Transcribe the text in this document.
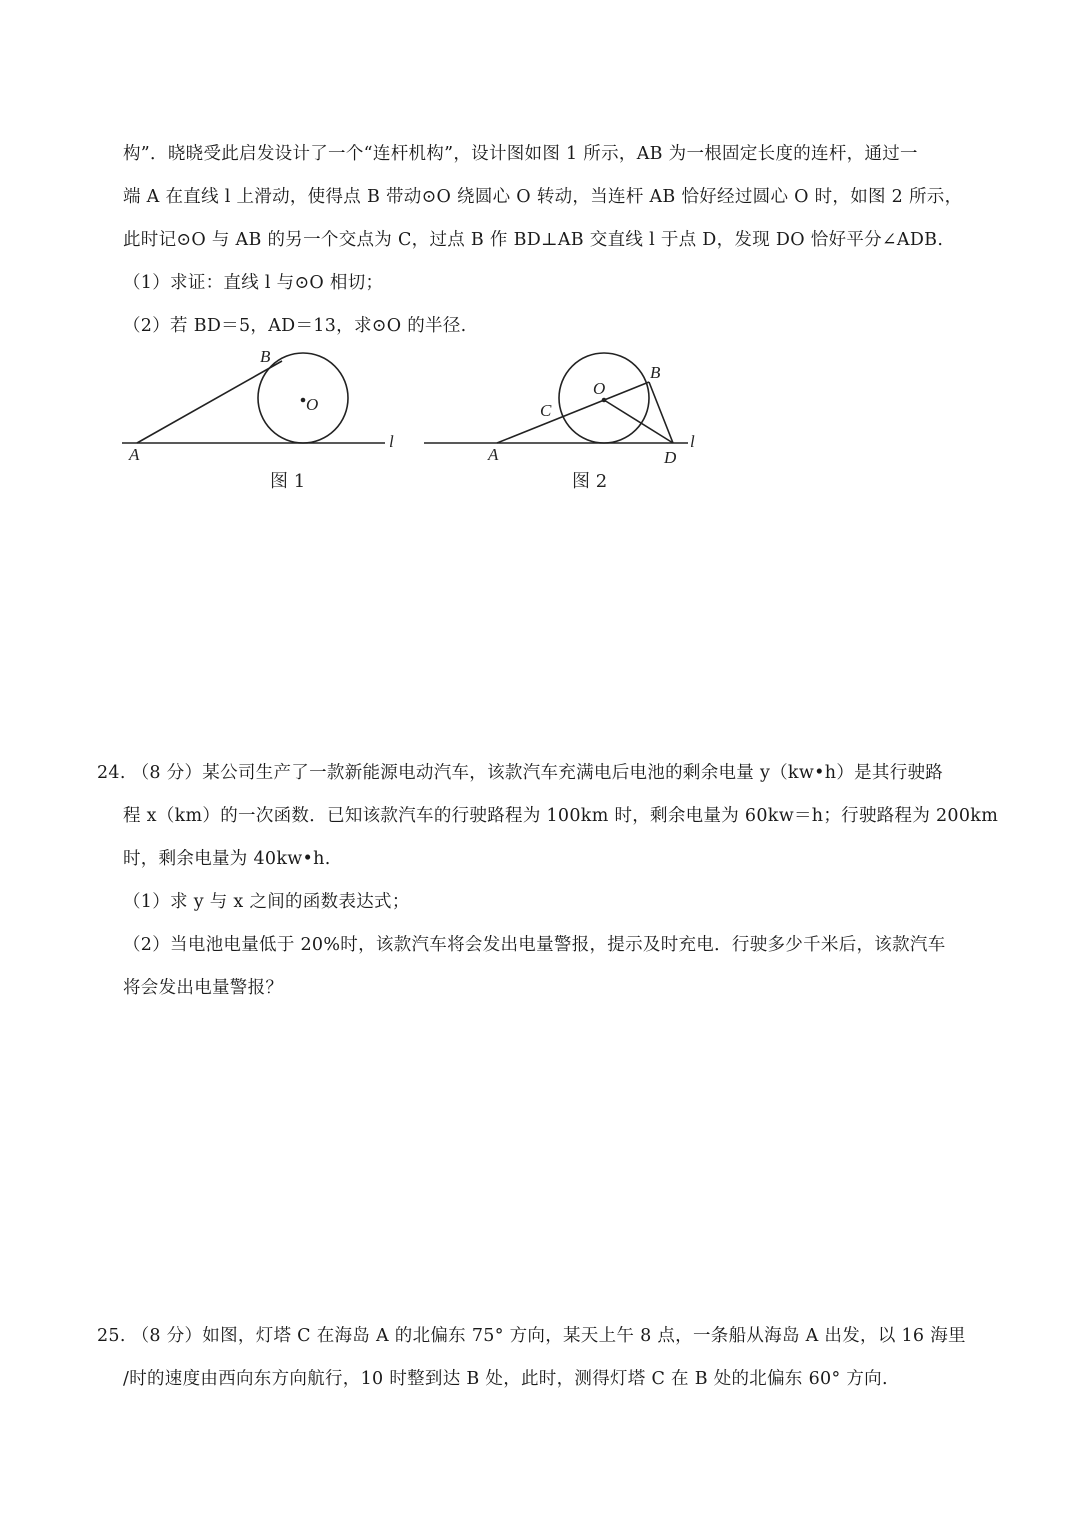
构”．晓晓受此启发设计了一个“连杆机构”，设计图如图 1 所示，AB 为一根固定长度的连杆，通过一
端 A 在直线 l 上滑动，使得点 B 带动⊙O 绕圆心 O 转动，当连杆 AB 恰好经过圆心 O 时，如图 2 所示，
此时记⊙O 与 AB 的另一个交点为 C，过点 B 作 BD⊥AB 交直线 l 于点 D，发现 DO 恰好平分∠ADB.
（1）求证：直线 l 与⊙O 相切；
（2）若 BD＝5，AD＝13，求⊙O 的半径.
A
B
O
l
图 1
A
O
B
C
D
l
图 2
24. （8 分）某公司生产了一款新能源电动汽车，该款汽车充满电后电池的剩余电量 y（kw•h）是其行驶路
程 x（km）的一次函数．已知该款汽车的行驶路程为 100km 时，剩余电量为 60kw＝h；行驶路程为 200km
时，剩余电量为 40kw•h.
（1）求 y 与 x 之间的函数表达式；
（2）当电池电量低于 20%时，该款汽车将会发出电量警报，提示及时充电．行驶多少千米后，该款汽车
将会发出电量警报？
25. （8 分）如图，灯塔 C 在海岛 A 的北偏东 75° 方向，某天上午 8 点，一条船从海岛 A 出发，以 16 海里
/时的速度由西向东方向航行，10 时整到达 B 处，此时，测得灯塔 C 在 B 处的北偏东 60° 方向.
